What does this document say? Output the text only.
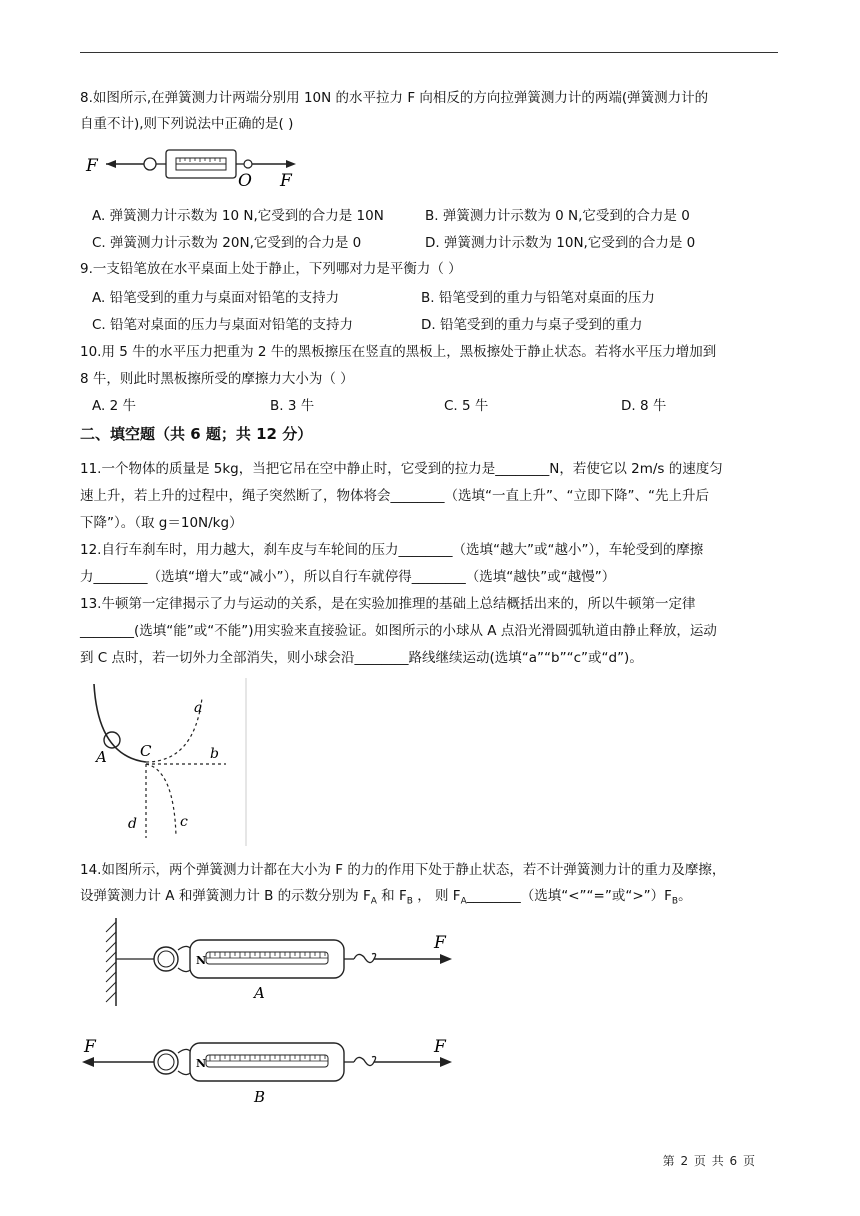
8.如图所示,在弹簧测力计两端分别用 10N 的水平拉力 F 向相反的方向拉弹簧测力计的两端(弹簧测力计的
自重不计),则下列说法中正确的是( )
F
O F
A. 弹簧测力计示数为 10 N,它受到的合力是 10N	B. 弹簧测力计示数为 0 N,它受到的合力是 0
C. 弹簧测力计示数为 20N,它受到的合力是 0	D. 弹簧测力计示数为 10N,它受到的合力是 0
9.一支铅笔放在水平桌面上处于静止，下列哪对力是平衡力（ ）
A. 铅笔受到的重力与桌面对铅笔的支持力	B. 铅笔受到的重力与铅笔对桌面的压力
C. 铅笔对桌面的压力与桌面对铅笔的支持力	D. 铅笔受到的重力与桌子受到的重力
10.用 5 牛的水平压力把重为 2 牛的黑板擦压在竖直的黑板上，黑板擦处于静止状态。若将水平压力增加到
8 牛，则此时黑板擦所受的摩擦力大小为（ ）
A. 2 牛	B. 3 牛	C. 5 牛	D. 8 牛
二、填空题（共 6 题；共 12 分）
11.一个物体的质量是 5kg，当把它吊在空中静止时，它受到的拉力是________N，若使它以 2m/s 的速度匀
速上升，若上升的过程中，绳子突然断了，物体将会________（选填“一直上升”、“立即下降”、“先上升后
下降”）。（取 g＝10N/kg）
12.自行车刹车时，用力越大，刹车皮与车轮间的压力________（选填“越大”或“越小”），车轮受到的摩擦
力________（选填“增大”或“减小”），所以自行车就停得________（选填“越快”或“越慢”）
13.牛顿第一定律揭示了力与运动的关系，是在实验加推理的基础上总结概括出来的，所以牛顿第一定律
________(选填“能”或“不能”)用实验来直接验证。如图所示的小球从 A 点沿光滑圆弧轨道由静止释放，运动
到 C 点时，若一切外力全部消失，则小球会沿________路线继续运动(选填“a”“b”“c”或“d”)。
A C
a
b
c
d
14.如图所示，两个弹簧测力计都在大小为 F 的力的作用下处于静止状态，若不计弹簧测力计的重力及摩擦，
设弹簧测力计 A 和弹簧测力计 B 的示数分别为 $F_A$ 和 $F_B$ ， 则 $F_A\_\_\_\_\_\_\_\_$（选填“<”“=”或“$>”)F_B$。
N
F
A
F
N
F
B
第 2 页 共 6 页
